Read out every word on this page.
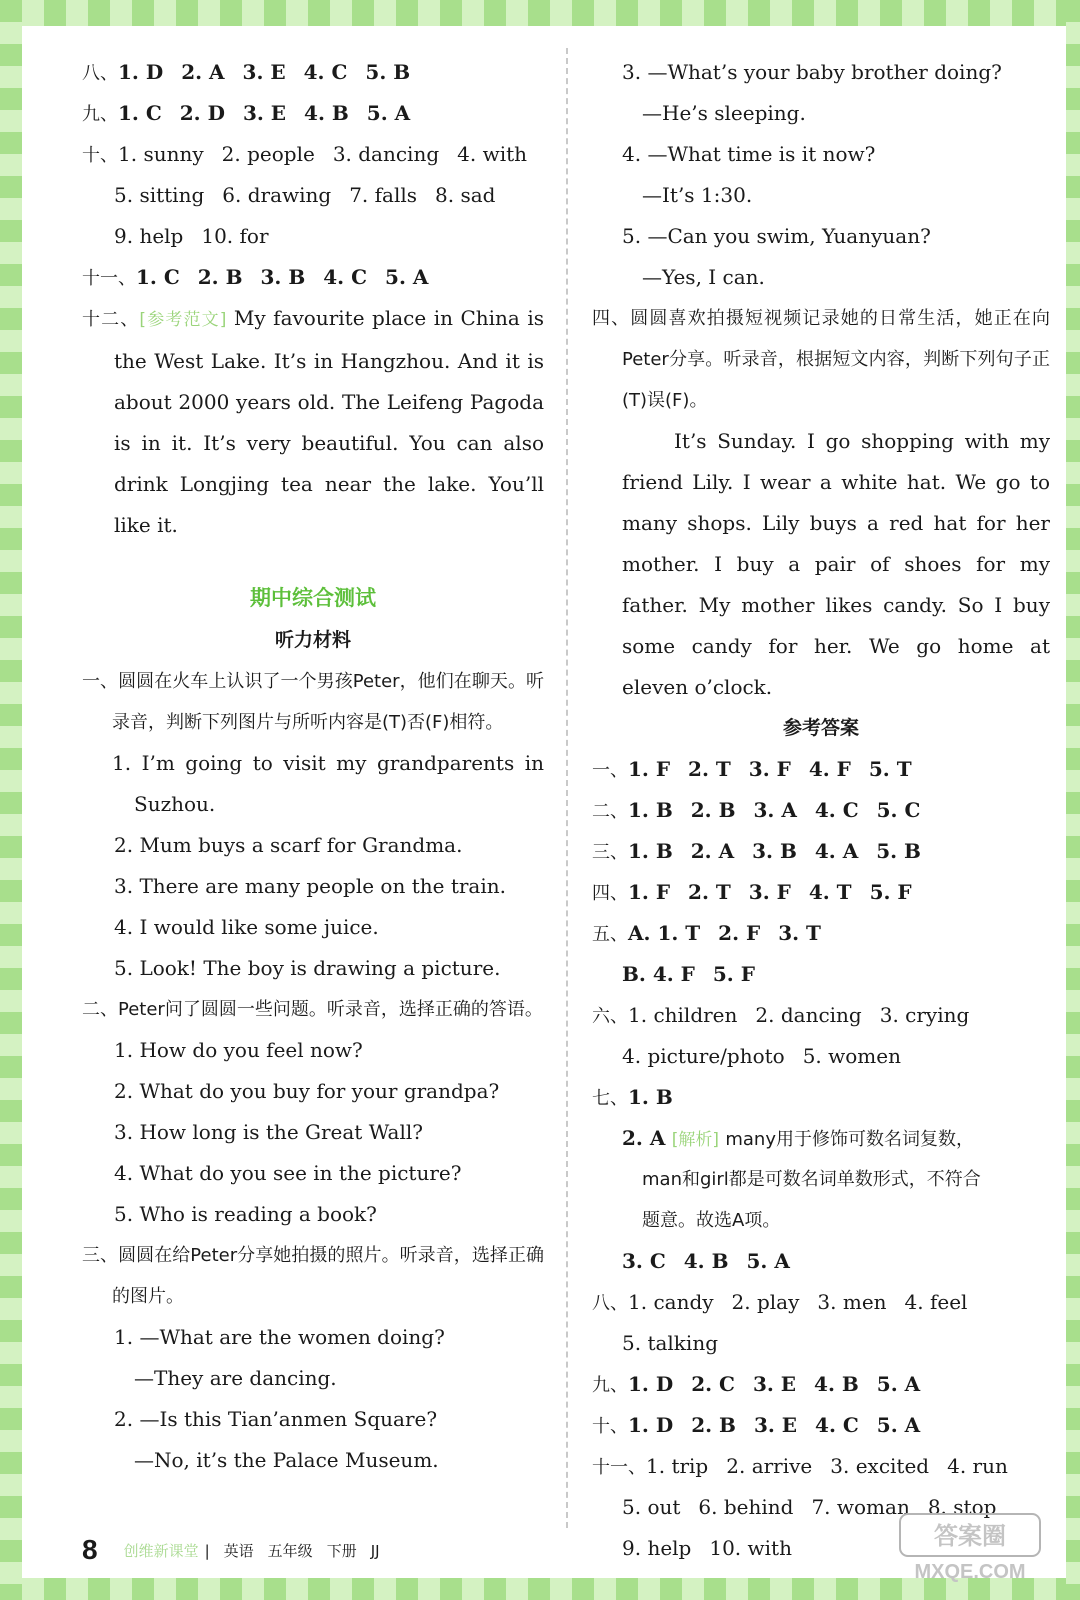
八、1. D 2. A 3. E 4. C 5. B
九、1. C 2. D 3. E 4. B 5. A
十、1. sunny 2. people 3. dancing 4. with
5. sitting 6. drawing 7. falls 8. sad
9. help 10. for
十一、1. C 2. B 3. B 4. C 5. A
十二、[参考范文] My favourite place in China is the West Lake. It’s in Hangzhou. And it is about 2000 years old. The Leifeng Pagoda is in it. It’s very beautiful. You can also drink Longjing tea near the lake. You’ll like it.
期中综合测试
听力材料
一、圆圆在火车上认识了一个男孩Peter，他们在聊天。听录音，判断下列图片与所听内容是(T)否(F)相符。
1. I’m going to visit my grandparents in Suzhou.
2. Mum buys a scarf for Grandma.
3. There are many people on the train.
4. I would like some juice.
5. Look! The boy is drawing a picture.
二、Peter问了圆圆一些问题。听录音，选择正确的答语。
1. How do you feel now?
2. What do you buy for your grandpa?
3. How long is the Great Wall?
4. What do you see in the picture?
5. Who is reading a book?
三、圆圆在给Peter分享她拍摄的照片。听录音，选择正确的图片。
1. —What are the women doing?
—They are dancing.
2. —Is this Tian’anmen Square?
—No, it’s the Palace Museum.
3. —What’s your baby brother doing?
—He’s sleeping.
4. —What time is it now?
—It’s 1:30.
5. —Can you swim, Yuanyuan?
—Yes, I can.
四、圆圆喜欢拍摄短视频记录她的日常生活，她正在向Peter分享。听录音，根据短文内容，判断下列句子正(T)误(F)。
It’s Sunday. I go shopping with my friend Lily. I wear a white hat. We go to many shops. Lily buys a red hat for her mother. I buy a pair of shoes for my father. My mother likes candy. So I buy some candy for her. We go home at eleven o’clock.
参考答案
一、1. F 2. T 3. F 4. F 5. T
二、1. B 2. B 3. A 4. C 5. C
三、1. B 2. A 3. B 4. A 5. B
四、1. F 2. T 3. F 4. T 5. F
五、A. 1. T 2. F 3. T
B. 4. F 5. F
六、1. children 2. dancing 3. crying
4. picture/photo 5. women
七、1. B
2. A [解析] many用于修饰可数名词复数，
man和girl都是可数名词单数形式，不符合
题意。故选A项。
3. C 4. B 5. A
八、1. candy 2. play 3. men 4. feel
5. talking
九、1. D 2. C 3. E 4. B 5. A
十、1. D 2. B 3. E 4. C 5. A
十一、1. trip 2. arrive 3. excited 4. run
5. out 6. behind 7. woman 8. stop
9. help 10. with
8 创维新课堂 | 英语 五年级 下册 JJ
答案圈
MXQE.COM
